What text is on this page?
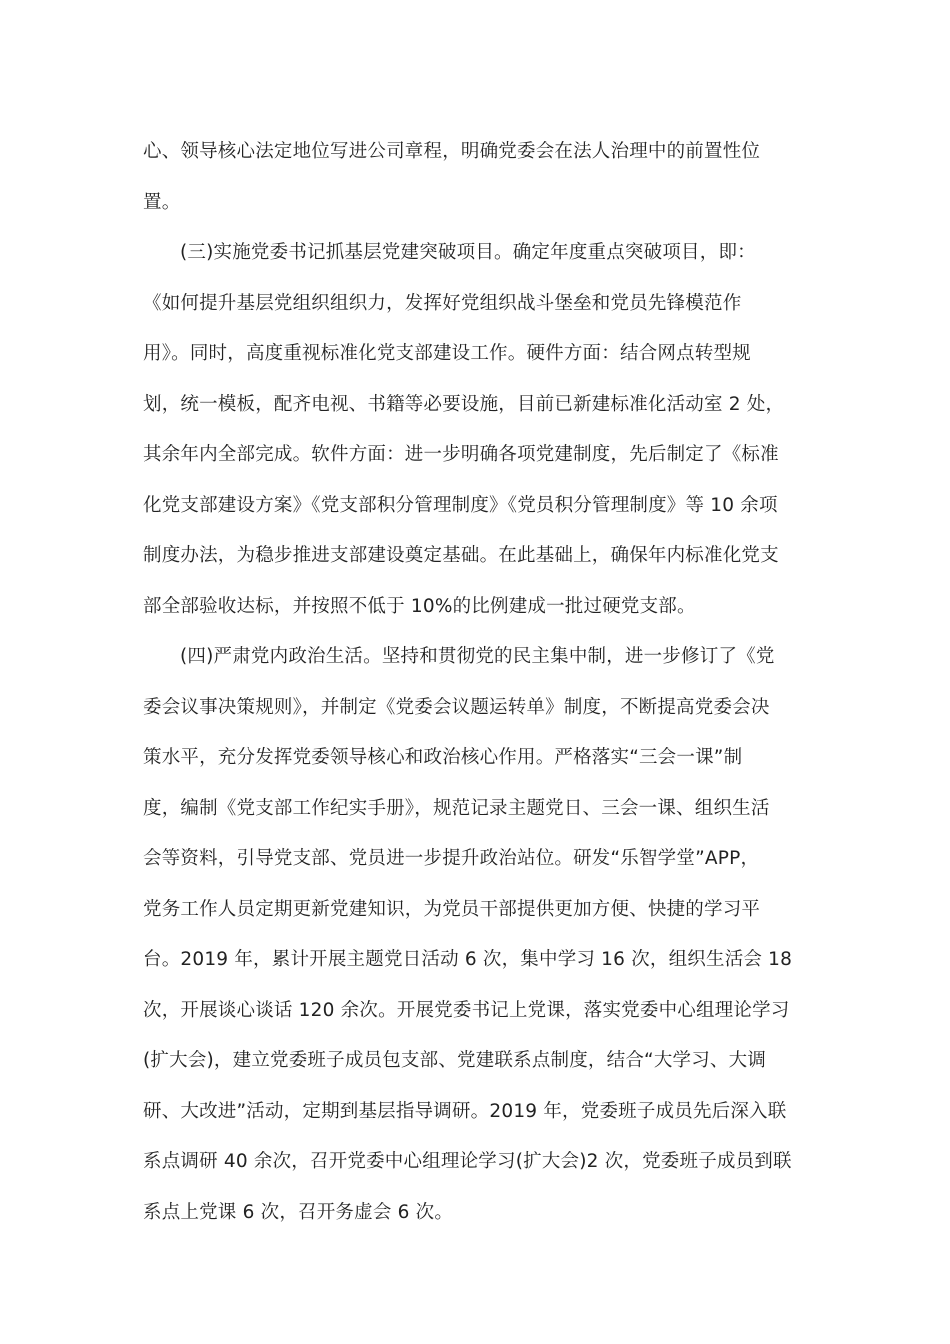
心、领导核心法定地位写进公司章程，明确党委会在法人治理中的前置性位
置。
(三)实施党委书记抓基层党建突破项目。确定年度重点突破项目，即：
《如何提升基层党组织组织力，发挥好党组织战斗堡垒和党员先锋模范作
用》。同时，高度重视标准化党支部建设工作。硬件方面：结合网点转型规
划，统一模板，配齐电视、书籍等必要设施，目前已新建标准化活动室 2 处，
其余年内全部完成。软件方面：进一步明确各项党建制度，先后制定了《标准
化党支部建设方案》《党支部积分管理制度》《党员积分管理制度》等 10 余项
制度办法，为稳步推进支部建设奠定基础。在此基础上，确保年内标准化党支
部全部验收达标，并按照不低于 10%的比例建成一批过硬党支部。
(四)严肃党内政治生活。坚持和贯彻党的民主集中制，进一步修订了《党
委会议事决策规则》，并制定《党委会议题运转单》制度，不断提高党委会决
策水平，充分发挥党委领导核心和政治核心作用。严格落实“三会一课”制
度，编制《党支部工作纪实手册》，规范记录主题党日、三会一课、组织生活
会等资料，引导党支部、党员进一步提升政治站位。研发“乐智学堂”APP，
党务工作人员定期更新党建知识，为党员干部提供更加方便、快捷的学习平
台。2019 年，累计开展主题党日活动 6 次，集中学习 16 次，组织生活会 18
次，开展谈心谈话 120 余次。开展党委书记上党课，落实党委中心组理论学习
(扩大会)，建立党委班子成员包支部、党建联系点制度，结合“大学习、大调
研、大改进”活动，定期到基层指导调研。2019 年，党委班子成员先后深入联
系点调研 40 余次，召开党委中心组理论学习(扩大会)2 次，党委班子成员到联
系点上党课 6 次，召开务虚会 6 次。
